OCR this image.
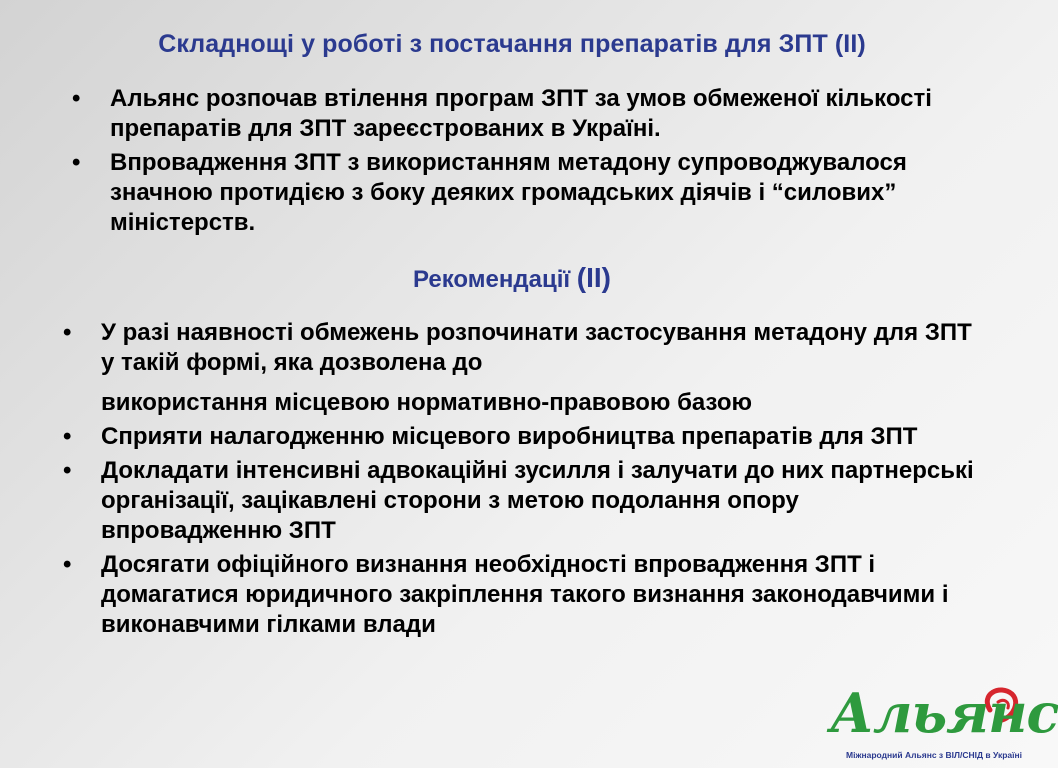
Складнощі у роботі з постачання препаратів для ЗПТ (ІІ)
• Альянс розпочав втілення програм ЗПТ за умов обмеженої кількості препаратів для ЗПТ зареєстрованих в Україні.
• Впровадження ЗПТ з використанням метадону супроводжувалося значною протидією з боку деяких громадських діячів і “силових” міністерств.
Рекомендації (ІІ)
• У разі наявності обмежень розпочинати застосування метадону для ЗПТ у такій формі, яка дозволена до
використання місцевою нормативно-правовою базою
• Сприяти налагодженню місцевого виробництва препаратів для ЗПТ
• Докладати інтенсивні адвокаційні зусилля і залучати до них партнерські організації, зацікавлені сторони з метою подолання опору впровадженню ЗПТ
• Досягати офіційного визнання необхідності впровадження ЗПТ і домагатися юридичного закріплення такого визнання законодавчими і виконавчими гілками влади
Альянс
Міжнародний Альянс з ВІЛ/СНІД в Україні
